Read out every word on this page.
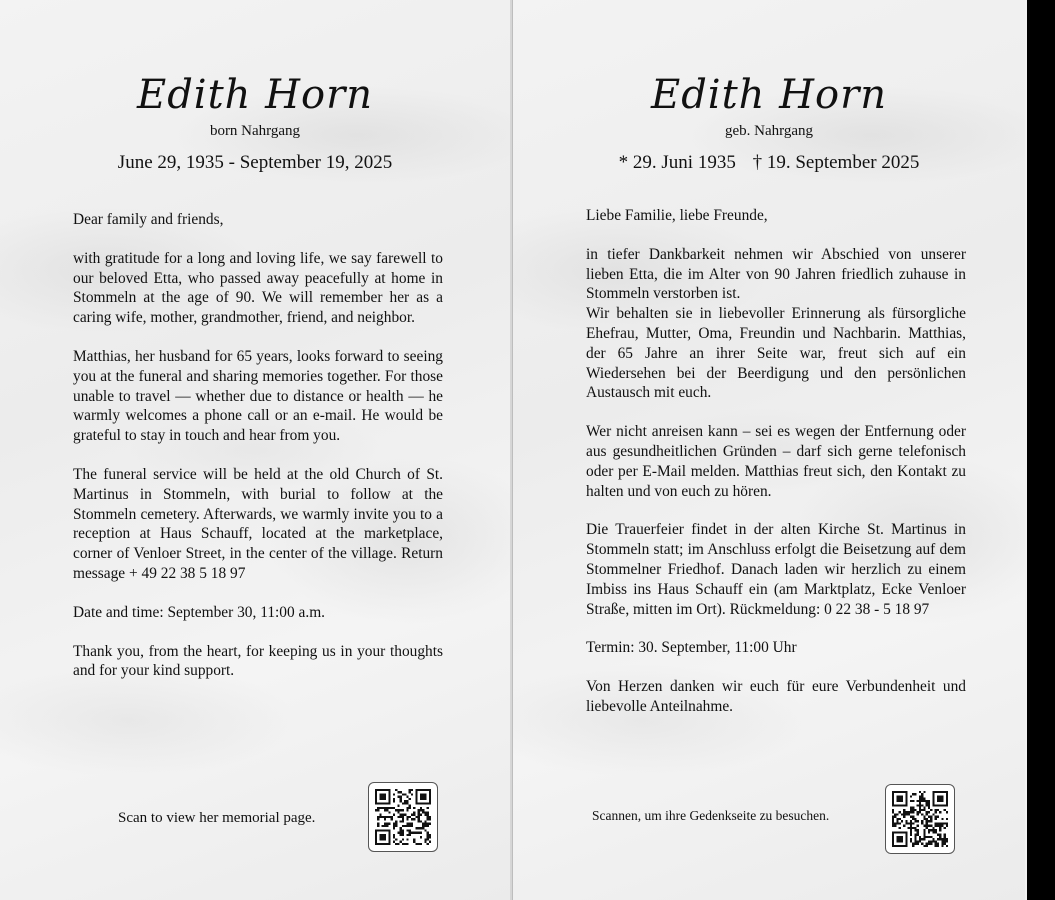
Edith Horn
born Nahrgang
June 29, 1935 - September 19, 2025

Dear family and friends,

with gratitude for a long and loving life, we say farewell to our beloved Etta, who passed away peacefully at home in Stommeln at the age of 90. We will remember her as a caring wife, mother, grandmother, friend, and neighbor.

Matthias, her husband for 65 years, looks forward to seeing you at the funeral and sharing memories together. For those unable to travel — whether due to distance or health — he warmly welcomes a phone call or an e-mail. He would be grateful to stay in touch and hear from you.

The funeral service will be held at the old Church of St. Martinus in Stommeln, with burial to follow at the Stommeln cemetery. Afterwards, we warmly invite you to a reception at Haus Schauff, located at the marketplace, corner of Venloer Street, in the center of the village. Return message + 49 22 38 5 18 97

Date and time: September 30, 11:00 a.m.

Thank you, from the heart, for keeping us in your thoughts and for your kind support.

Scan to view her memorial page.
Edith Horn
geb. Nahrgang
* 29. Juni 1935 † 19. September 2025

Liebe Familie, liebe Freunde,

in tiefer Dankbarkeit nehmen wir Abschied von unserer lieben Etta, die im Alter von 90 Jahren friedlich zuhause in Stommeln verstorben ist.

Wir behalten sie in liebevoller Erinnerung als fürsorgliche Ehefrau, Mutter, Oma, Freundin und Nachbarin. Matthias, der 65 Jahre an ihrer Seite war, freut sich auf ein Wiedersehen bei der Beerdigung und den persönlichen Austausch mit euch.

Wer nicht anreisen kann – sei es wegen der Entfernung oder aus gesundheitlichen Gründen – darf sich gerne telefonisch oder per E-Mail melden. Matthias freut sich, den Kontakt zu halten und von euch zu hören.

Die Trauerfeier findet in der alten Kirche St. Martinus in Stommeln statt; im Anschluss erfolgt die Beisetzung auf dem Stommelner Friedhof. Danach laden wir herzlich zu einem Imbiss ins Haus Schauff ein (am Marktplatz, Ecke Venloer Straße, mitten im Ort). Rückmeldung: 0 22 38 - 5 18 97

Termin: 30. September, 11:00 Uhr

Von Herzen danken wir euch für eure Verbundenheit und liebevolle Anteilnahme.

Scannen, um ihre Gedenkseite zu besuchen.
